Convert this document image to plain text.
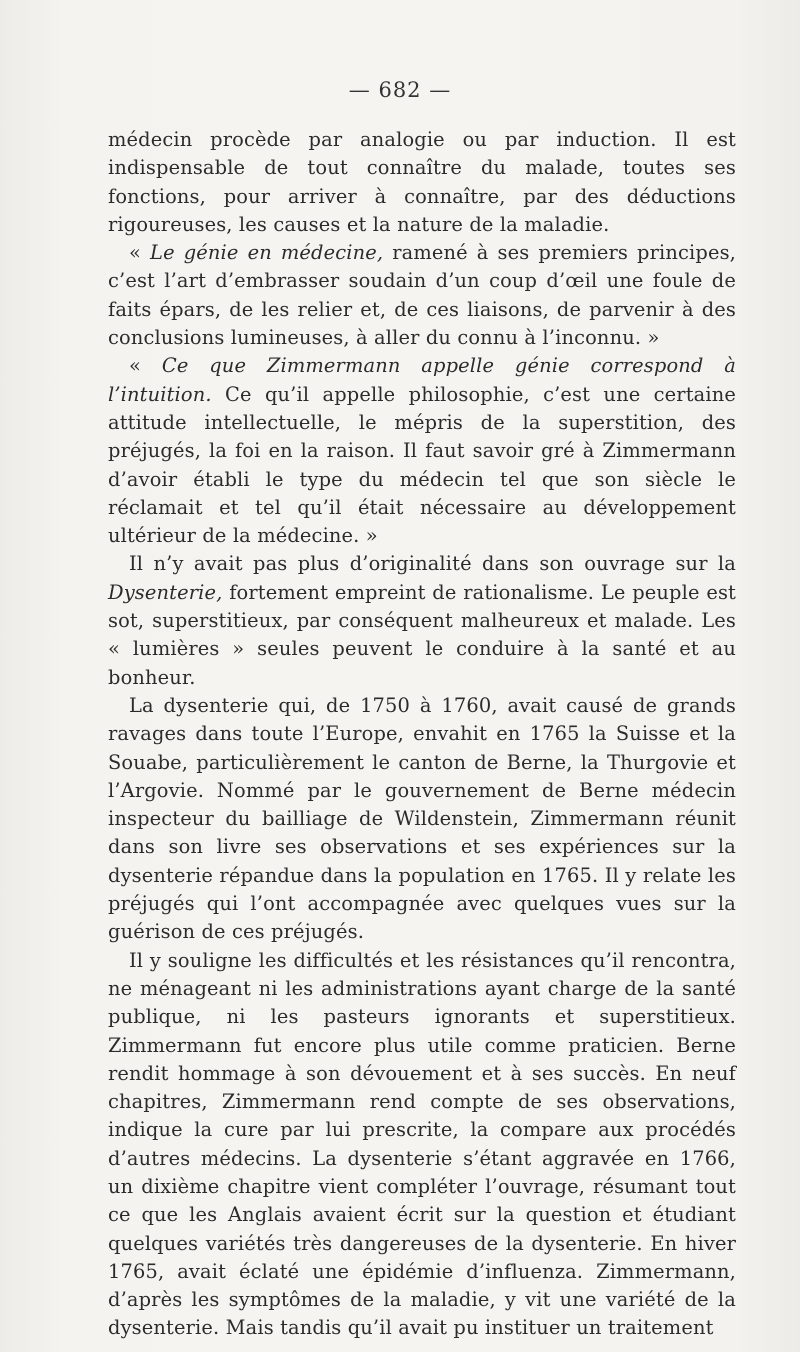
— 682 —

médecin procède par analogie ou par induction. Il est indispensable de tout connaître du malade, toutes ses fonctions, pour arriver à connaître, par des déductions rigoureuses, les causes et la nature de la maladie.

« Le génie en médecine, ramené à ses premiers principes, c’est l’art d’embrasser soudain d’un coup d’œil une foule de faits épars, de les relier et, de ces liaisons, de parvenir à des conclusions lumineuses, à aller du connu à l’inconnu. »

« Ce que Zimmermann appelle génie correspond à l’intuition. Ce qu’il appelle philosophie, c’est une certaine attitude intellectuelle, le mépris de la superstition, des préjugés, la foi en la raison. Il faut savoir gré à Zimmermann d’avoir établi le type du médecin tel que son siècle le réclamait et tel qu’il était nécessaire au développement ultérieur de la médecine. »

Il n’y avait pas plus d’originalité dans son ouvrage sur la Dysenterie, fortement empreint de rationalisme. Le peuple est sot, superstitieux, par conséquent malheureux et malade. Les « lumières » seules peuvent le conduire à la santé et au bonheur.

La dysenterie qui, de 1750 à 1760, avait causé de grands ravages dans toute l’Europe, envahit en 1765 la Suisse et la Souabe, particulièrement le canton de Berne, la Thurgovie et l’Argovie. Nommé par le gouvernement de Berne médecin inspecteur du bailliage de Wildenstein, Zimmermann réunit dans son livre ses observations et ses expériences sur la dysenterie répandue dans la population en 1765. Il y relate les préjugés qui l’ont accompagnée avec quelques vues sur la guérison de ces préjugés.

Il y souligne les difficultés et les résistances qu’il rencontra, ne ménageant ni les administrations ayant charge de la santé publique, ni les pasteurs ignorants et superstitieux. Zimmermann fut encore plus utile comme praticien. Berne rendit hommage à son dévouement et à ses succès. En neuf chapitres, Zimmermann rend compte de ses observations, indique la cure par lui prescrite, la compare aux procédés d’autres médecins. La dysenterie s’étant aggravée en 1766, un dixième chapitre vient compléter l’ouvrage, résumant tout ce que les Anglais avaient écrit sur la question et étudiant quelques variétés très dangereuses de la dysenterie. En hiver 1765, avait éclaté une épidémie d’influenza. Zimmermann, d’après les symptômes de la maladie, y vit une variété de la dysenterie. Mais tandis qu’il avait pu instituer un traitement
